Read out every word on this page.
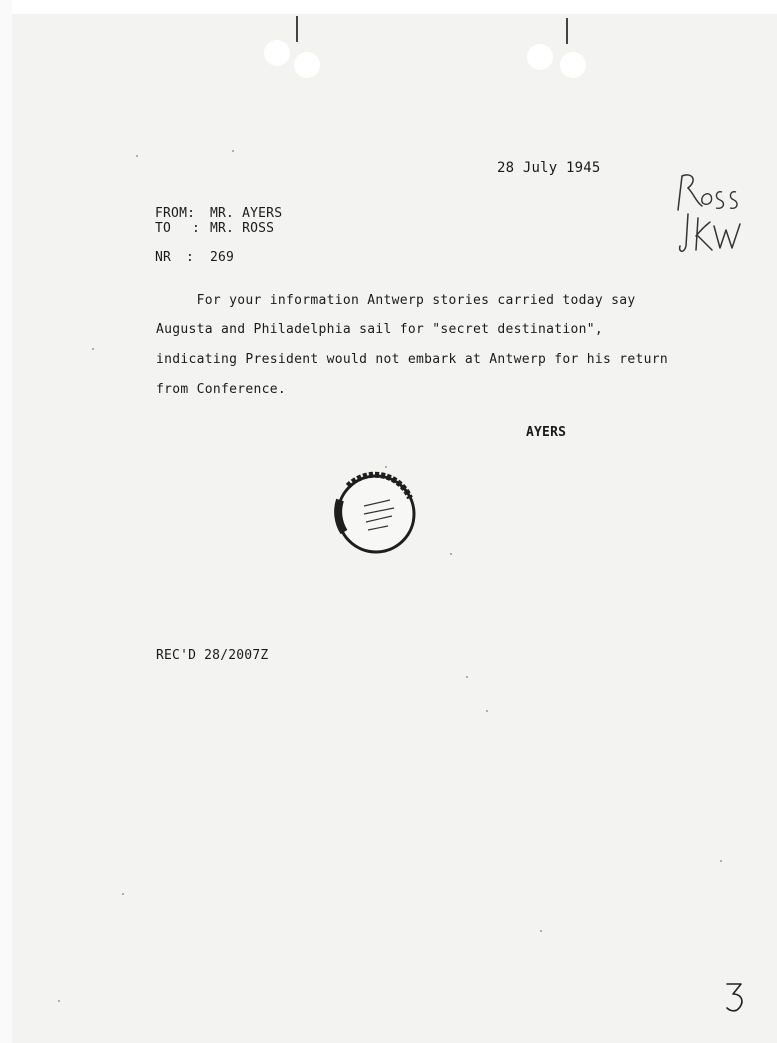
28 July 1945
FROM: MR. AYERS
TO : MR. ROSS
NR : 269
For your information Antwerp stories carried today say
Augusta and Philadelphia sail for "secret destination",
indicating President would not embark at Antwerp for his return
from Conference.
AYERS
REC'D 28/2007Z
